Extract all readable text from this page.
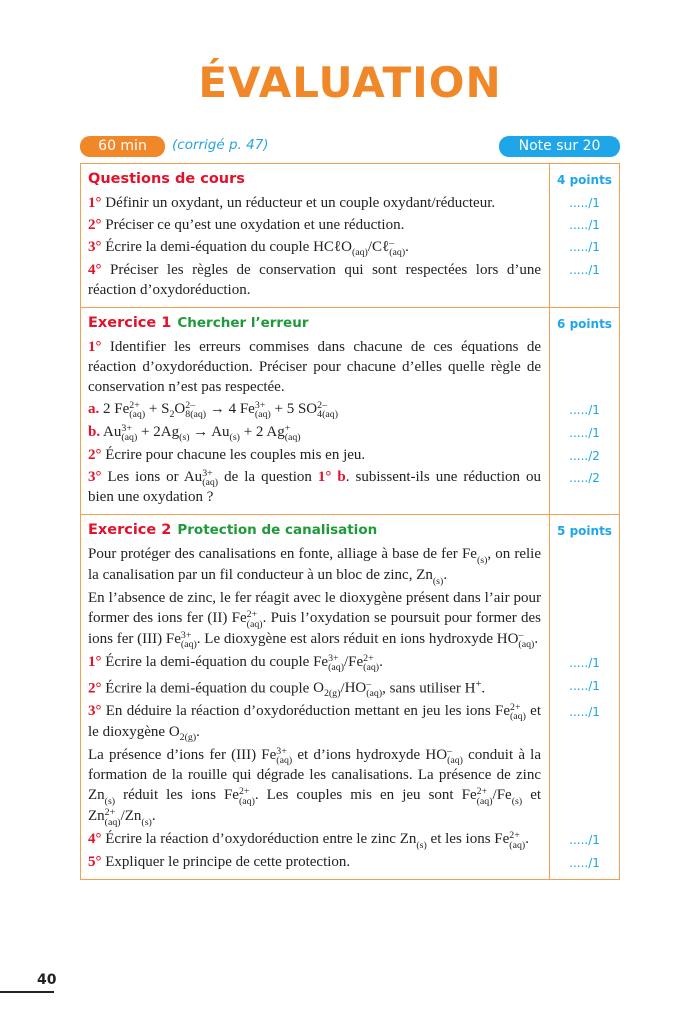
ÉVALUATION
60 min	(corrigé p. 47)	Note sur 20
Questions de cours
1° Définir un oxydant, un réducteur et un couple oxydant/réducteur.
2° Préciser ce qu’est une oxydation et une réduction.
3° Écrire la demi-équation du couple HCℓO
(aq) /Cℓ –
(aq) .
4° Préciser les règles de conservation qui sont respectées lors d’une réaction d’oxydoréduction.
4 points
...../1
...../1
...../1
...../1
Exercice 1 Chercher l’erreur
1° Identifier les erreurs commises dans chacune de ces équations de réaction d’oxydoréduction. Préciser pour chacune d’elles quelle règle de conservation n’est pas respectée.
a. 2 Fe 2+
(aq) + S
2 O 2–
8(aq) → 4 Fe 3+
(aq) + 5 SO 2–
4(aq)
b. Au 3+
(aq) + 2Ag
(s) → Au
(s) + 2 Ag +
(aq)
2° Écrire pour chacune les couples mis en jeu.
3° Les ions or Au 3+
(aq) de la question 1° b. subissent-ils une réduction ou bien une oxydation ?
6 points
...../1
...../1
...../2
...../2
Exercice 2 Protection de canalisation
Pour protéger des canalisations en fonte, alliage à base de fer Fe
(s) , on relie la canalisation par un fil conducteur à un bloc de zinc, Zn
(s) .
En l’absence de zinc, le fer réagit avec le dioxygène présent dans l’air pour former des ions fer (II) Fe 2+
(aq) . Puis l’oxydation se poursuit pour former des ions fer (III) Fe 3+
(aq) . Le dioxygène est alors réduit en ions hydroxyde HO –
(aq) .
1° Écrire la demi-équation du couple Fe 3+
(aq) /Fe 2+
(aq) .
2° Écrire la demi-équation du couple O
2(g) /HO –
(aq) , sans utiliser H+.
3° En déduire la réaction d’oxydoréduction mettant en jeu les ions Fe 2+
(aq) et le dioxygène O
2(g) .
La présence d’ions fer (III) Fe 3+
(aq) et d’ions hydroxyde HO –
(aq) conduit à la formation de la rouille qui dégrade les canalisations. La présence de zinc Zn
(s) réduit les ions Fe 2+
(aq) . Les couples mis en jeu sont Fe 2+
(aq) /Fe
(s) et Zn 2+
(aq) /Zn
(s) .
4° Écrire la réaction d’oxydoréduction entre le zinc Zn
(s) et les ions Fe 2+
(aq) .
5° Expliquer le principe de cette protection.
5 points
...../1
...../1
...../1
...../1
...../1
40
